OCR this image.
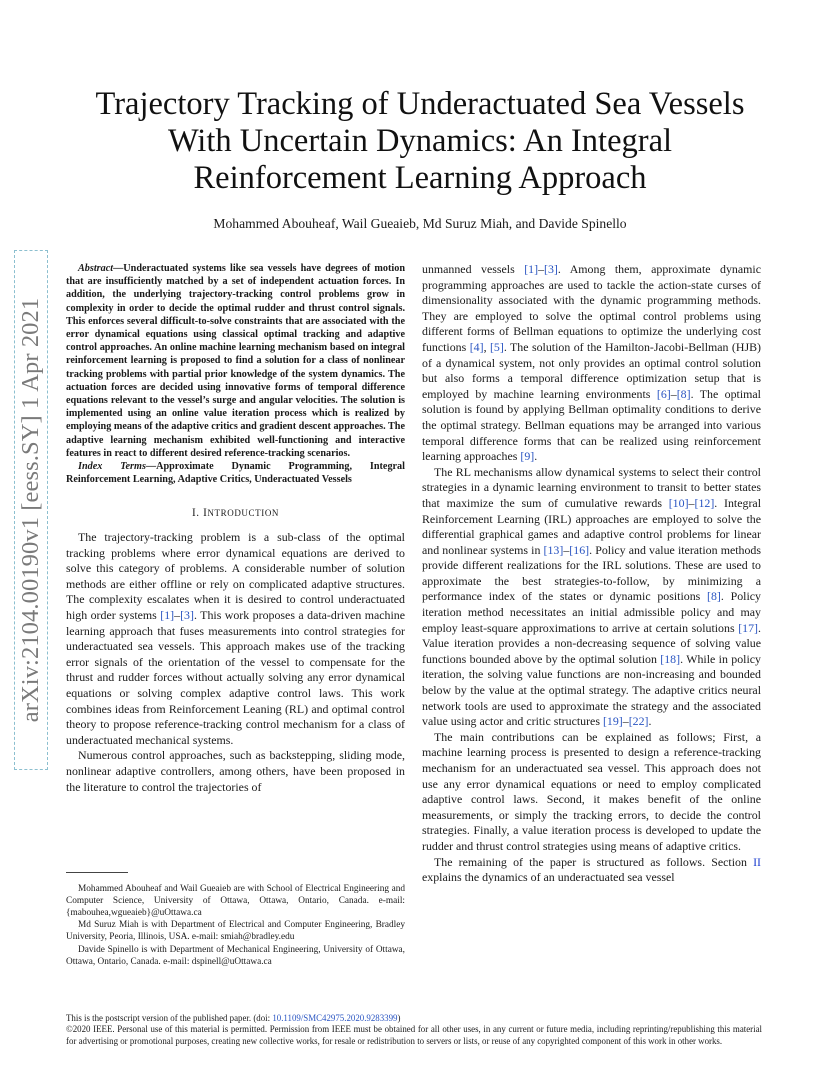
arXiv:2104.00190v1 [eess.SY] 1 Apr 2021
Trajectory Tracking of Underactuated Sea Vessels
With Uncertain Dynamics: An Integral
Reinforcement Learning Approach
Mohammed Abouheaf, Wail Gueaieb, Md Suruz Miah, and Davide Spinello

Abstract—Underactuated systems like sea vessels have degrees of motion that are insufficiently matched by a set of independent actuation forces. In addition, the underlying trajectory-tracking control problems grow in complexity in order to decide the optimal rudder and thrust control signals. This enforces several difficult-to-solve constraints that are associated with the error dynamical equations using classical optimal tracking and adaptive control approaches. An online machine learning mechanism based on integral reinforcement learning is proposed to find a solution for a class of nonlinear tracking problems with partial prior knowledge of the system dynamics. The actuation forces are decided using innovative forms of temporal difference equations relevant to the vessel’s surge and angular velocities. The solution is implemented using an online value iteration process which is realized by employing means of the adaptive critics and gradient descent approaches. The adaptive learning mechanism exhibited well-functioning and interactive features in react to different desired reference-tracking scenarios.

Index Terms—Approximate Dynamic Programming, Integral Reinforcement Learning, Adaptive Critics, Underactuated Vessels

I. INTRODUCTION

The trajectory-tracking problem is a sub-class of the optimal tracking problems where error dynamical equations are derived to solve this category of problems. A considerable number of solution methods are either offline or rely on complicated adaptive structures. The complexity escalates when it is desired to control underactuated high order systems [1]–[3]. This work proposes a data-driven machine learning approach that fuses measurements into control strategies for underactuated sea vessels. This approach makes use of the tracking error signals of the orientation of the vessel to compensate for the thrust and rudder forces without actually solving any error dynamical equations or solving complex adaptive control laws. This work combines ideas from Reinforcement Leaning (RL) and optimal control theory to propose reference-tracking control mechanism for a class of underactuated mechanical systems.

Numerous control approaches, such as backstepping, sliding mode, nonlinear adaptive controllers, among others, have been proposed in the literature to control the trajectories of

unmanned vessels [1]–[3]. Among them, approximate dynamic programming approaches are used to tackle the action-state curses of dimensionality associated with the dynamic programming methods. They are employed to solve the optimal control problems using different forms of Bellman equations to optimize the underlying cost functions [4], [5]. The solution of the Hamilton-Jacobi-Bellman (HJB) of a dynamical system, not only provides an optimal control solution but also forms a temporal difference optimization setup that is employed by machine learning environments [6]–[8]. The optimal solution is found by applying Bellman optimality conditions to derive the optimal strategy. Bellman equations may be arranged into various temporal difference forms that can be realized using reinforcement learning approaches [9].

The RL mechanisms allow dynamical systems to select their control strategies in a dynamic learning environment to transit to better states that maximize the sum of cumulative rewards [10]–[12]. Integral Reinforcement Learning (IRL) approaches are employed to solve the differential graphical games and adaptive control problems for linear and nonlinear systems in [13]–[16]. Policy and value iteration methods provide different realizations for the IRL solutions. These are used to approximate the best strategies-to-follow, by minimizing a performance index of the states or dynamic positions [8]. Policy iteration method necessitates an initial admissible policy and may employ least-square approximations to arrive at certain solutions [17]. Value iteration provides a non-decreasing sequence of solving value functions bounded above by the optimal solution [18]. While in policy iteration, the solving value functions are non-increasing and bounded below by the value at the optimal strategy. The adaptive critics neural network tools are used to approximate the strategy and the associated value using actor and critic structures [19]–[22].

The main contributions can be explained as follows; First, a machine learning process is presented to design a reference-tracking mechanism for an underactuated sea vessel. This approach does not use any error dynamical equations or need to employ complicated adaptive control laws. Second, it makes benefit of the online measurements, or simply the tracking errors, to decide the control strategies. Finally, a value iteration process is developed to update the rudder and thrust control strategies using means of adaptive critics.

The remaining of the paper is structured as follows. Section II explains the dynamics of an underactuated sea vessel

Mohammed Abouheaf and Wail Gueaieb are with School of Electrical Engineering and Computer Science, University of Ottawa, Ottawa, Ontario, Canada. e-mail: {mabouhea,wgueaieb}@uOttawa.ca

Md Suruz Miah is with Department of Electrical and Computer Engineering, Bradley University, Peoria, Illinois, USA. e-mail: smiah@bradley.edu

Davide Spinello is with Department of Mechanical Engineering, University of Ottawa, Ottawa, Ontario, Canada. e-mail: dspinell@uOttawa.ca

This is the postscript version of the published paper. (doi: 10.1109/SMC42975.2020.9283399)

©2020 IEEE. Personal use of this material is permitted. Permission from IEEE must be obtained for all other uses, in any current or future media, including reprinting/republishing this material for advertising or promotional purposes, creating new collective works, for resale or redistribution to servers or lists, or reuse of any copyrighted component of this work in other works.
